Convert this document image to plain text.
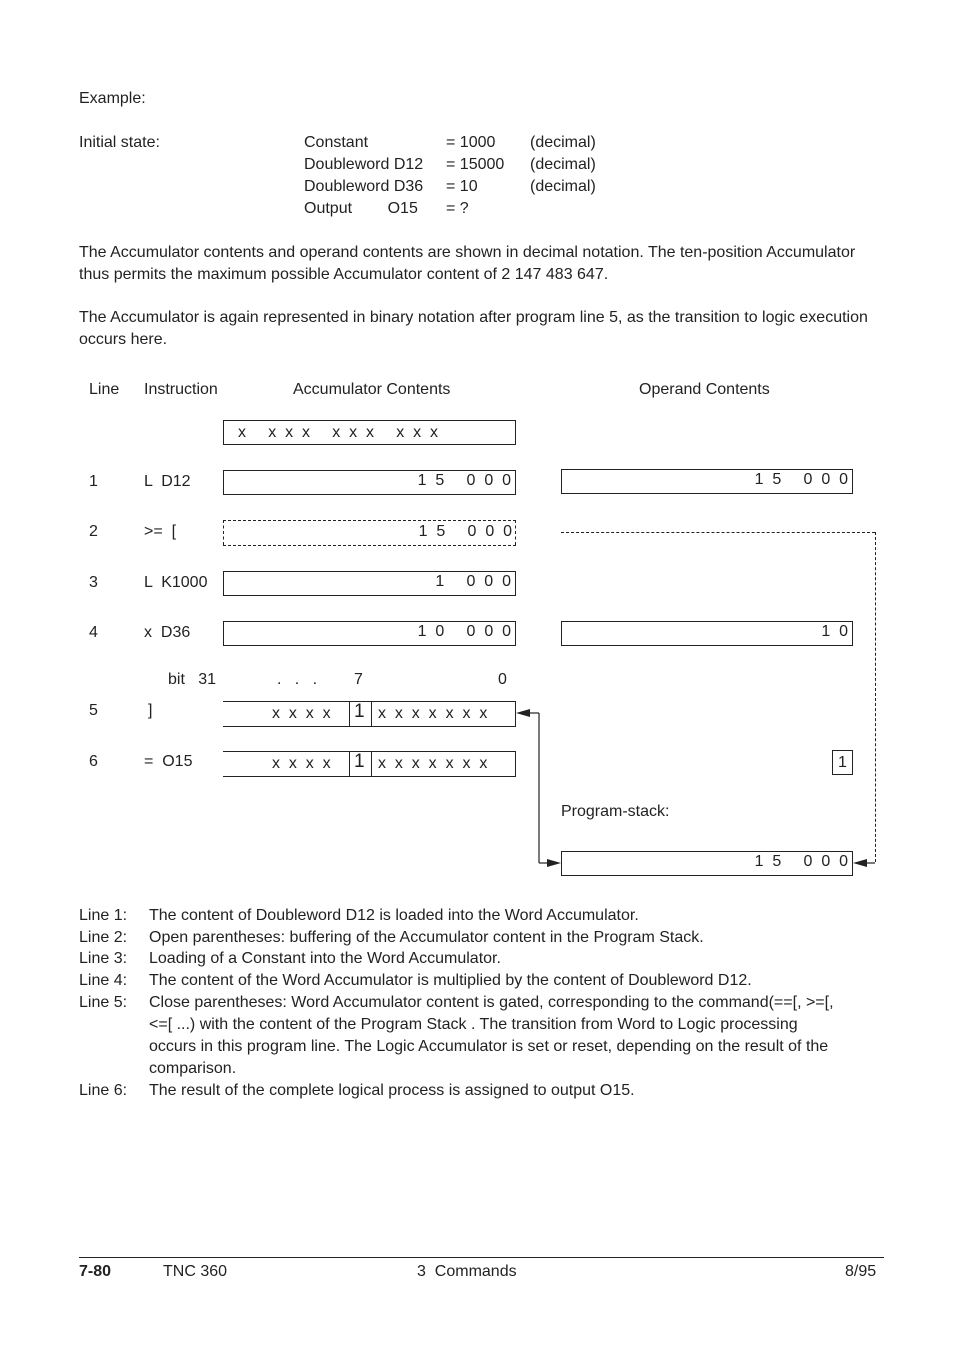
Example:
Initial state:	Constant	= 1000 (decimal)
Doubleword D12 = 15000 (decimal)
Doubleword D36 = 10	(decimal)
Output        O15 = ?
The Accumulator contents and operand contents are shown in decimal notation. The ten-position Accumulator thus permits the maximum possible Accumulator content of 2 147 483 647.
The Accumulator is again represented in binary notation after program line 5, as the transition to logic execution occurs here.
Line Instruction	Accumulator Contents	Operand Contents
x     x  x  x     x  x  x     x  x  x
1	L  D12	1  5     0  0  0	1  5     0  0  0
2	>=  [	1  5     0  0  0
3	L  K1000	1     0  0  0
4	x  D36	1  0     0  0  0	1  0
bit   31	.   .   . 7	0
5	]	x  x  x  x 1 x  x  x  x  x  x  x
6	=  O15	x  x  x  x 1 x  x  x  x  x  x  x	1
Program-stack:
1  5     0  0  0
Line 1: The content of Doubleword D12 is loaded into the Word Accumulator.
Line 2: Open parentheses: buffering of the Accumulator content in the Program Stack.
Line 3: Loading of a Constant into the Word Accumulator.
Line 4: The content of the Word Accumulator is multiplied by the content of Doubleword D12.
Line 5: Close parentheses: Word Accumulator content is gated, corresponding to the command(==[, >=[, <=[ ...) with the content of the Program Stack . The transition from Word to Logic processing occurs in this program line. The Logic Accumulator is set or reset, depending on the result of the comparison.
Line 6: The result of the complete logical process is assigned to output O15.
7-80	TNC 360	3  Commands	8/95
